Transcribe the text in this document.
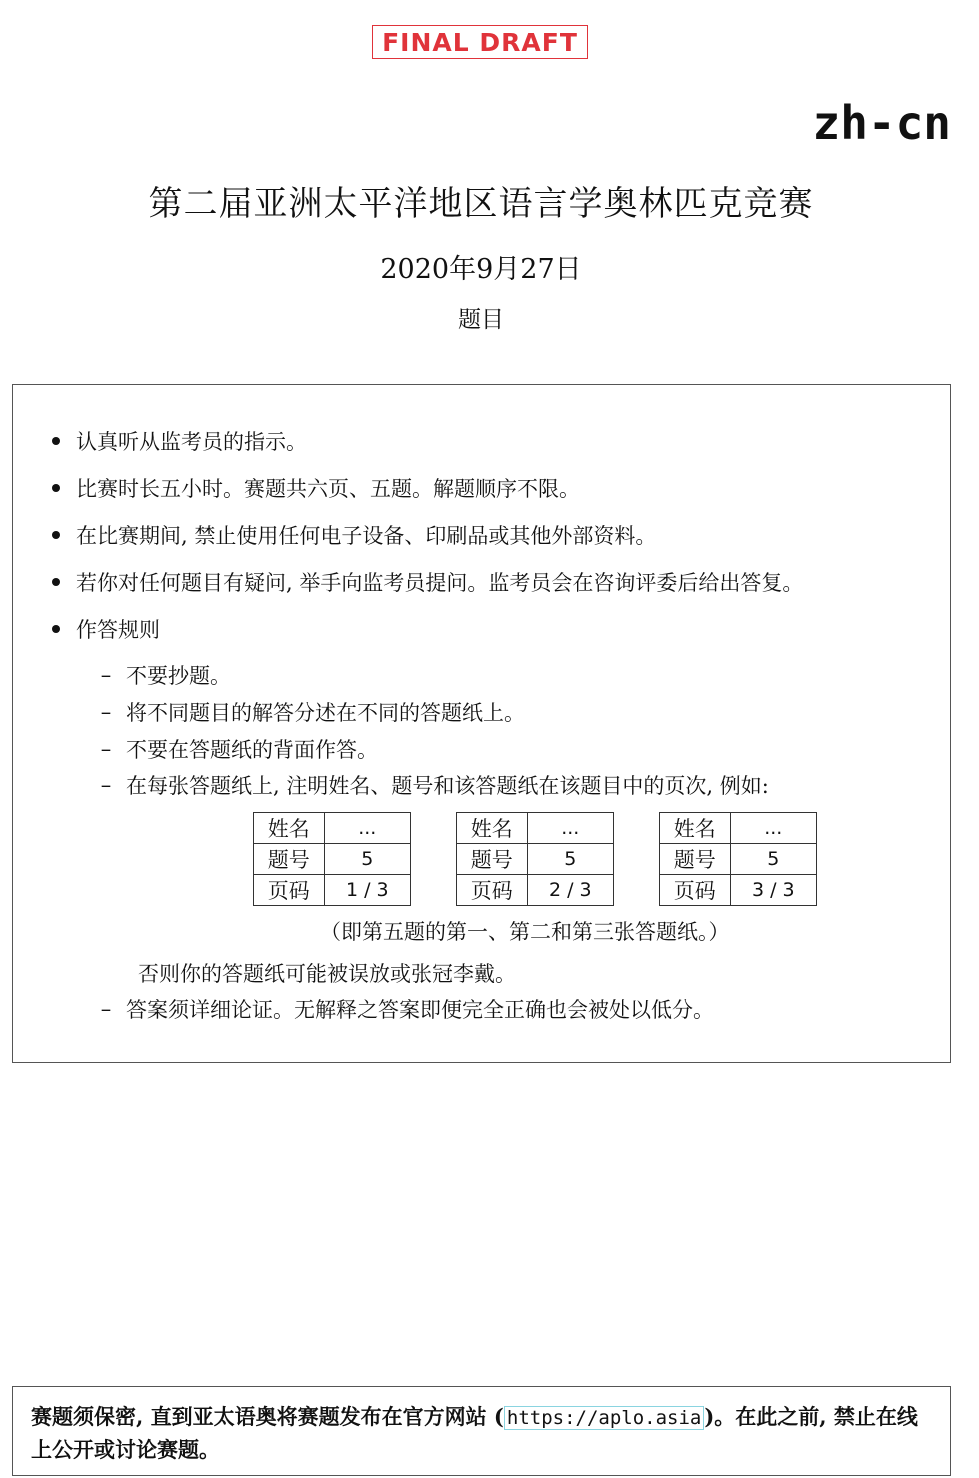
FINAL DRAFT
zh-cn
第二届亚洲太平洋地区语言学奥林匹克竞赛
2020年9月27日
题目
认真听从监考员的指示。
比赛时长五小时。赛题共六页、五题。解题顺序不限。
在比赛期间, 禁止使用任何电子设备、印刷品或其他外部资料。
若你对任何题目有疑问, 举手向监考员提问。监考员会在咨询评委后给出答复。
作答规则
– 不要抄题。
– 将不同题目的解答分述在不同的答题纸上。
– 不要在答题纸的背面作答。
– 在每张答题纸上, 注明姓名、题号和该答题纸在该题目中的页次, 例如:
姓名	...
题号	5
页码	1 / 3
姓名	...
题号	5
页码	2 / 3
姓名	...
题号	5
页码	3 / 3
（即第五题的第一、第二和第三张答题纸。）
否则你的答题纸可能被误放或张冠李戴。
– 答案须详细论证。无解释之答案即便完全正确也会被处以低分。
赛题须保密, 直到亚太语奥将赛题发布在官方网站 ( https://aplo.asia )。在此之前, 禁止在线上公开或讨论赛题。
